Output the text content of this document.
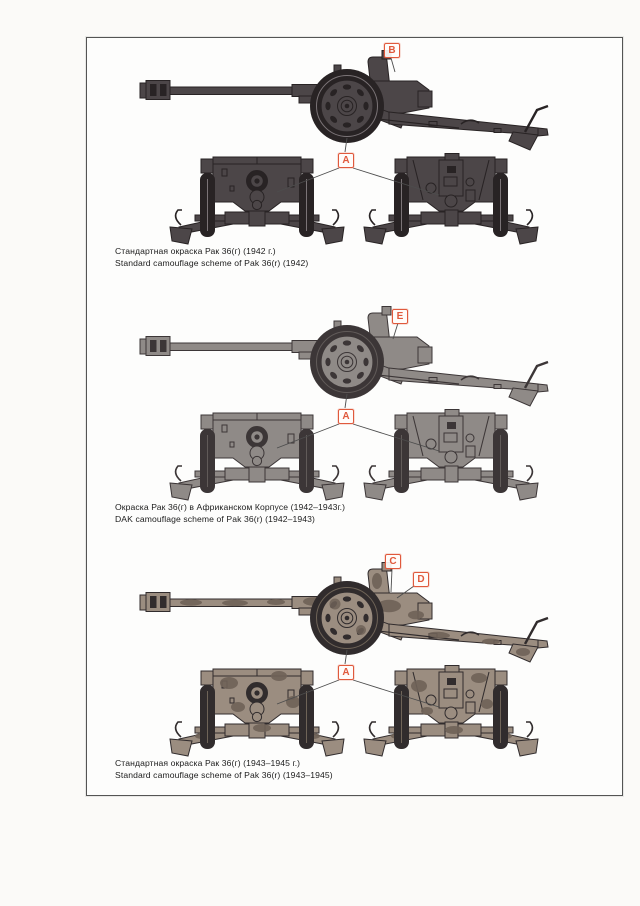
B
A
Стандартная окраска Рак 36(г) (1942 г.)
Standard camouflage scheme of Pak 36(r) (1942)
E
A
Окраска Рак 36(г) в Африканском Корпусе (1942–1943г.)
DAK camouflage scheme of Pak 36(r) (1942–1943)
C
D
A
Стандартная окраска Рак 36(г) (1943–1945 г.)
Standard camouflage scheme of Pak 36(r) (1943–1945)
